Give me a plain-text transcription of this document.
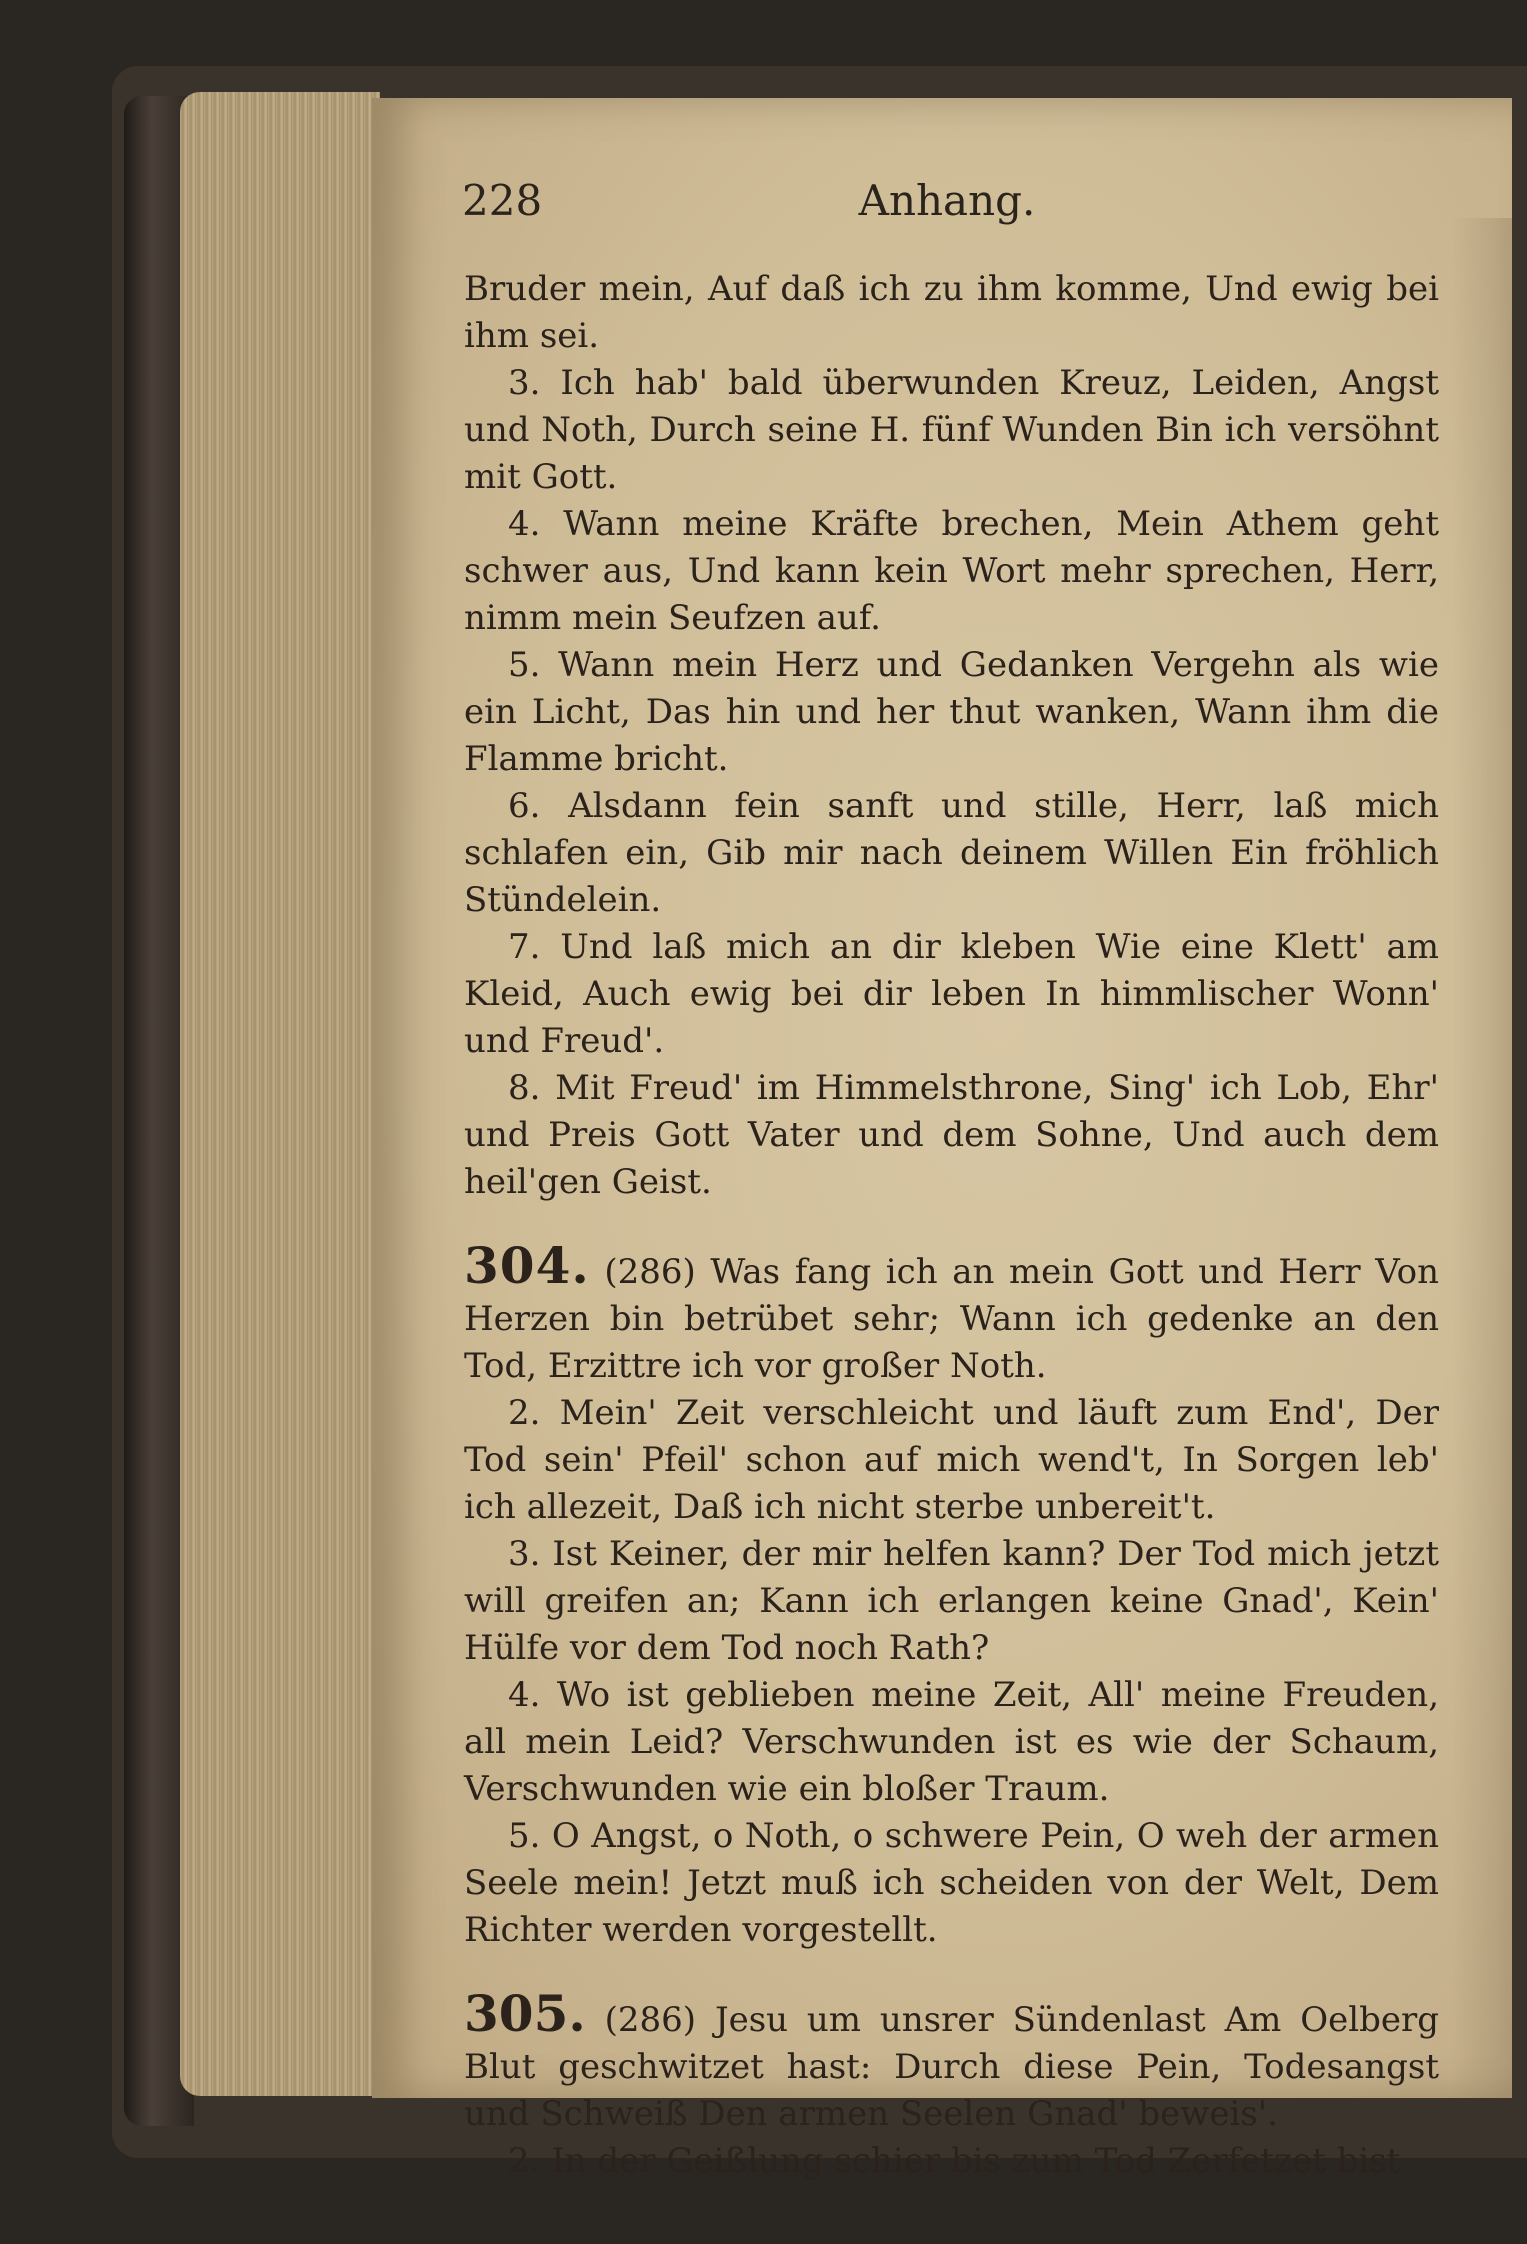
228	Anhang.

Bruder mein, Auf daß ich zu ihm komme, Und ewig bei ihm sei.

3. Ich hab' bald überwunden Kreuz, Leiden, Angst und Noth, Durch seine H. fünf Wunden Bin ich versöhnt mit Gott.

4. Wann meine Kräfte brechen, Mein Athem geht schwer aus, Und kann kein Wort mehr sprechen, Herr, nimm mein Seufzen auf.

5. Wann mein Herz und Gedanken Vergehn als wie ein Licht, Das hin und her thut wanken, Wann ihm die Flamme bricht.

6. Alsdann fein sanft und stille, Herr, laß mich schlafen ein, Gib mir nach deinem Willen Ein fröhlich Stündelein.

7. Und laß mich an dir kleben Wie eine Klett' am Kleid, Auch ewig bei dir leben In himmlischer Wonn' und Freud'.

8. Mit Freud' im Himmelsthrone, Sing' ich Lob, Ehr' und Preis Gott Vater und dem Sohne, Und auch dem heil'gen Geist.

304. (286) Was fang ich an mein Gott und Herr Von Herzen bin betrübet sehr; Wann ich gedenke an den Tod, Erzittre ich vor großer Noth.

2. Mein' Zeit verschleicht und läuft zum End', Der Tod sein' Pfeil' schon auf mich wend't, In Sorgen leb' ich allezeit, Daß ich nicht sterbe unbereit't.

3. Ist Keiner, der mir helfen kann? Der Tod mich jetzt will greifen an; Kann ich erlangen keine Gnad', Kein' Hülfe vor dem Tod noch Rath?

4. Wo ist geblieben meine Zeit, All' meine Freuden, all mein Leid? Verschwunden ist es wie der Schaum, Verschwunden wie ein bloßer Traum.

5. O Angst, o Noth, o schwere Pein, O weh der armen Seele mein! Jetzt muß ich scheiden von der Welt, Dem Richter werden vorgestellt.

305. (286) Jesu um unsrer Sündenlast Am Oelberg Blut geschwitzet hast: Durch diese Pein, Todesangst und Schweiß Den armen Seelen Gnad' beweis'.

2. In der Geißlung schier bis zum Tod Zerfetzet bist
